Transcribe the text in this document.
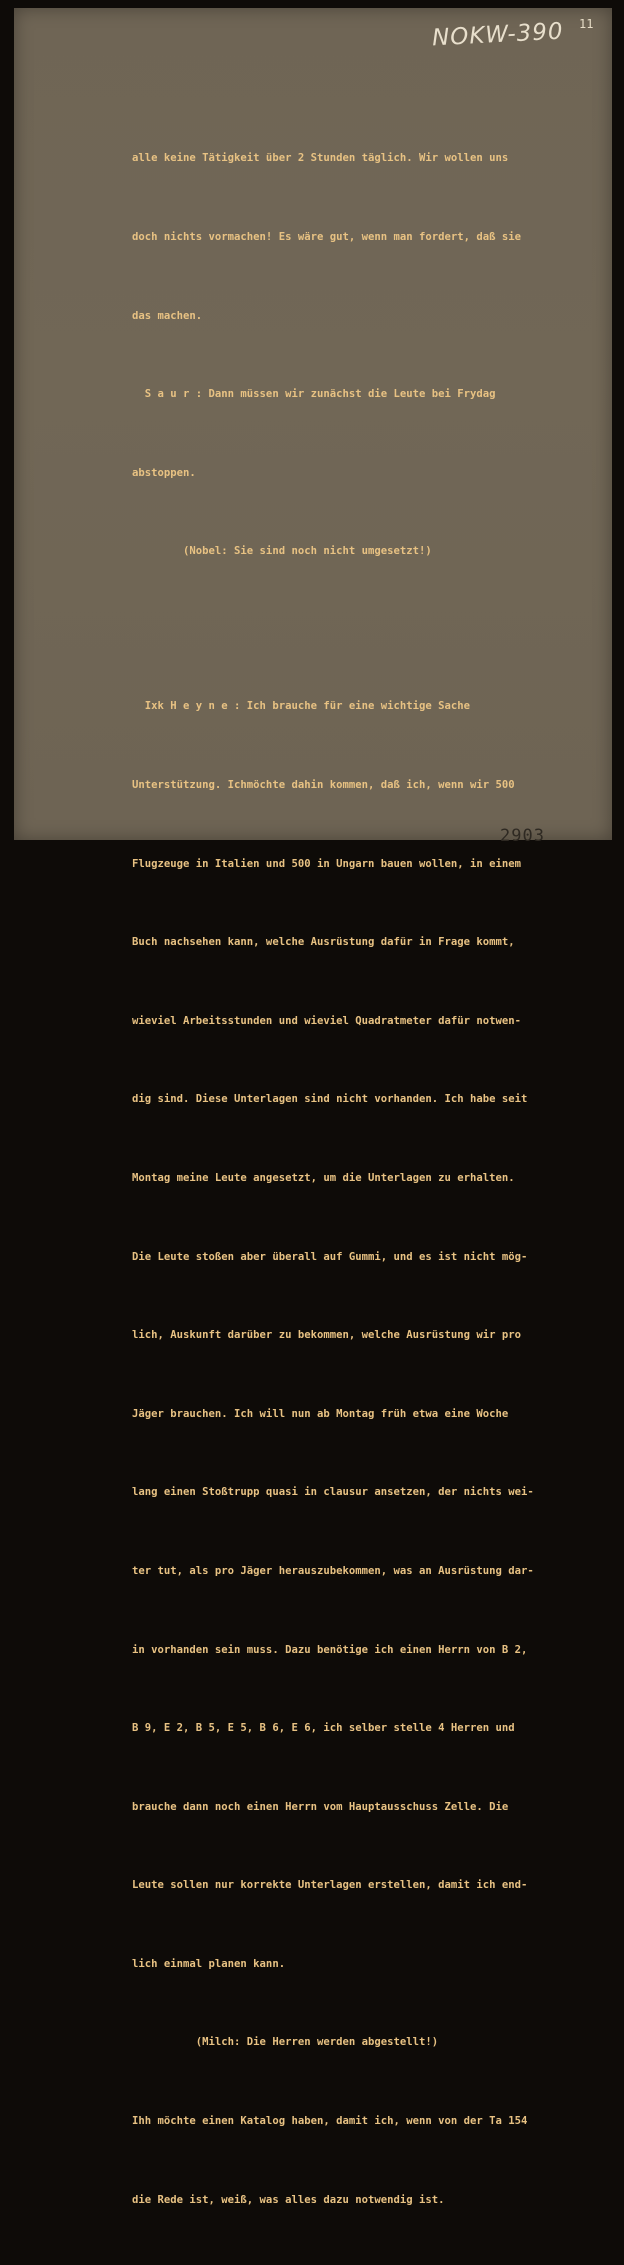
NOKW-390 11

alle keine Tätigkeit über 2 Stunden täglich. Wir wollen uns

doch nichts vormachen! Es wäre gut, wenn man fordert, daß sie

das machen.

S a u r : Dann müssen wir zunächst die Leute bei Frydag

abstoppen.

(Nobel: Sie sind noch nicht umgesetzt!)

Ixk H e y n e : Ich brauche für eine wichtige Sache

Unterstützung. Ichmöchte dahin kommen, daß ich, wenn wir 500

Flugzeuge in Italien und 500 in Ungarn bauen wollen, in einem

Buch nachsehen kann, welche Ausrüstung dafür in Frage kommt,

wieviel Arbeitsstunden und wieviel Quadratmeter dafür notwen-

dig sind. Diese Unterlagen sind nicht vorhanden. Ich habe seit

Montag meine Leute angesetzt, um die Unterlagen zu erhalten.

Die Leute stoßen aber überall auf Gummi, und es ist nicht mög-

lich, Auskunft darüber zu bekommen, welche Ausrüstung wir pro

Jäger brauchen. Ich will nun ab Montag früh etwa eine Woche

lang einen Stoßtrupp quasi in clausur ansetzen, der nichts wei-

ter tut, als pro Jäger herauszubekommen, was an Ausrüstung dar-

in vorhanden sein muss. Dazu benötige ich einen Herrn von B 2,

B 9, E 2, B 5, E 5, B 6, E 6, ich selber stelle 4 Herren und

brauche dann noch einen Herrn vom Hauptausschuss Zelle. Die

Leute sollen nur korrekte Unterlagen erstellen, damit ich end-

lich einmal planen kann.

(Milch: Die Herren werden abgestellt!)

Ihh möchte einen Katalog haben, damit ich, wenn von der Ta 154

die Rede ist, weiß, was alles dazu notwendig ist.

2903
